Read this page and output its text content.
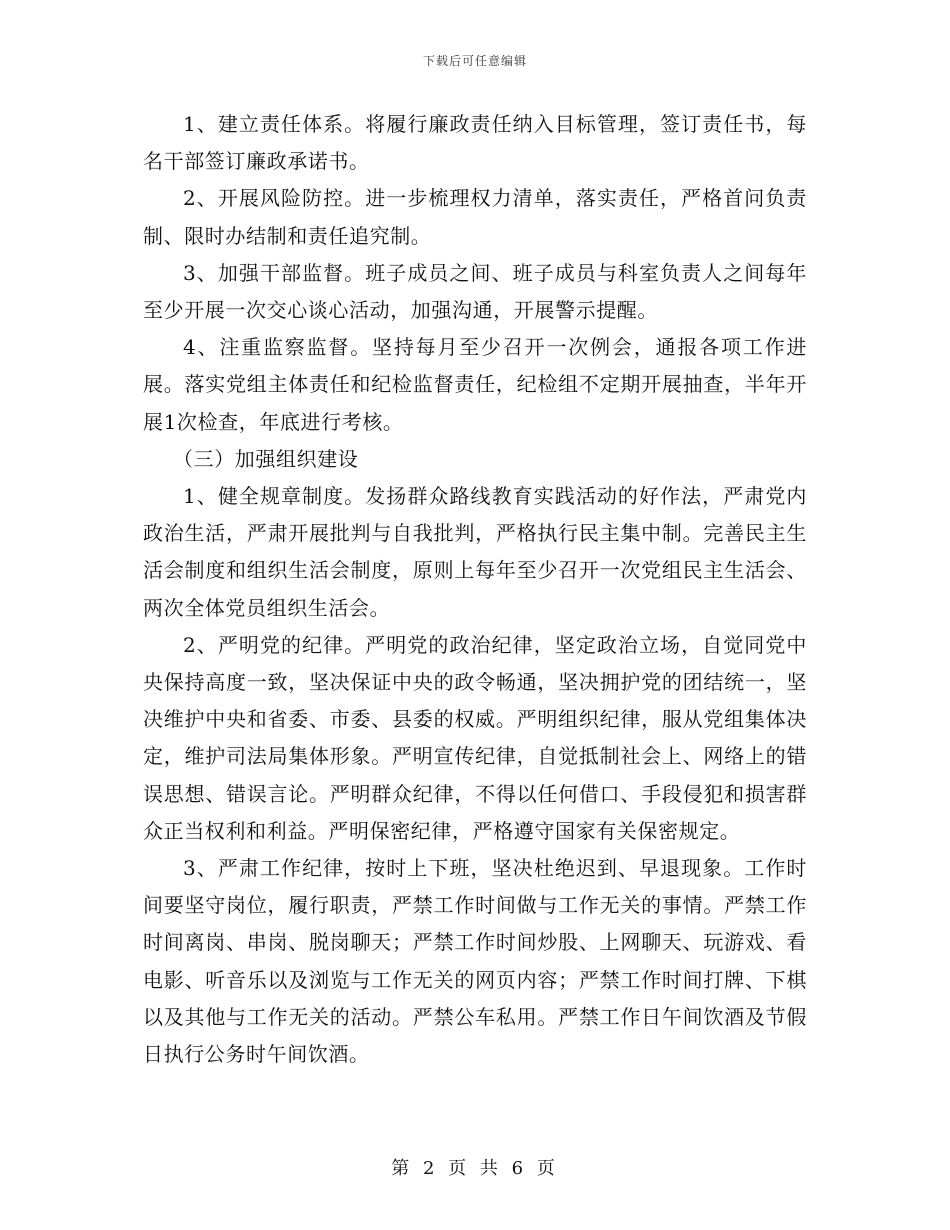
下载后可任意编辑

1、建立责任体系。将履行廉政责任纳入目标管理，签订责任书，每名干部签订廉政承诺书。

2、开展风险防控。进一步梳理权力清单，落实责任，严格首问负责制、限时办结制和责任追究制。

3、加强干部监督。班子成员之间、班子成员与科室负责人之间每年至少开展一次交心谈心活动，加强沟通，开展警示提醒。

4、注重监察监督。坚持每月至少召开一次例会，通报各项工作进展。落实党组主体责任和纪检监督责任，纪检组不定期开展抽查，半年开展1次检查，年底进行考核。

（三）加强组织建设

1、健全规章制度。发扬群众路线教育实践活动的好作法，严肃党内政治生活，严肃开展批判与自我批判，严格执行民主集中制。完善民主生活会制度和组织生活会制度，原则上每年至少召开一次党组民主生活会、两次全体党员组织生活会。

2、严明党的纪律。严明党的政治纪律，坚定政治立场，自觉同党中央保持高度一致，坚决保证中央的政令畅通，坚决拥护党的团结统一，坚决维护中央和省委、市委、县委的权威。严明组织纪律，服从党组集体决定，维护司法局集体形象。严明宣传纪律，自觉抵制社会上、网络上的错误思想、错误言论。严明群众纪律，不得以任何借口、手段侵犯和损害群众正当权利和利益。严明保密纪律，严格遵守国家有关保密规定。

3、严肃工作纪律，按时上下班，坚决杜绝迟到、早退现象。工作时间要坚守岗位，履行职责，严禁工作时间做与工作无关的事情。严禁工作时间离岗、串岗、脱岗聊天；严禁工作时间炒股、上网聊天、玩游戏、看电影、听音乐以及浏览与工作无关的网页内容；严禁工作时间打牌、下棋以及其他与工作无关的活动。严禁公车私用。严禁工作日午间饮酒及节假日执行公务时午间饮酒。

第 2 页 共 6 页
